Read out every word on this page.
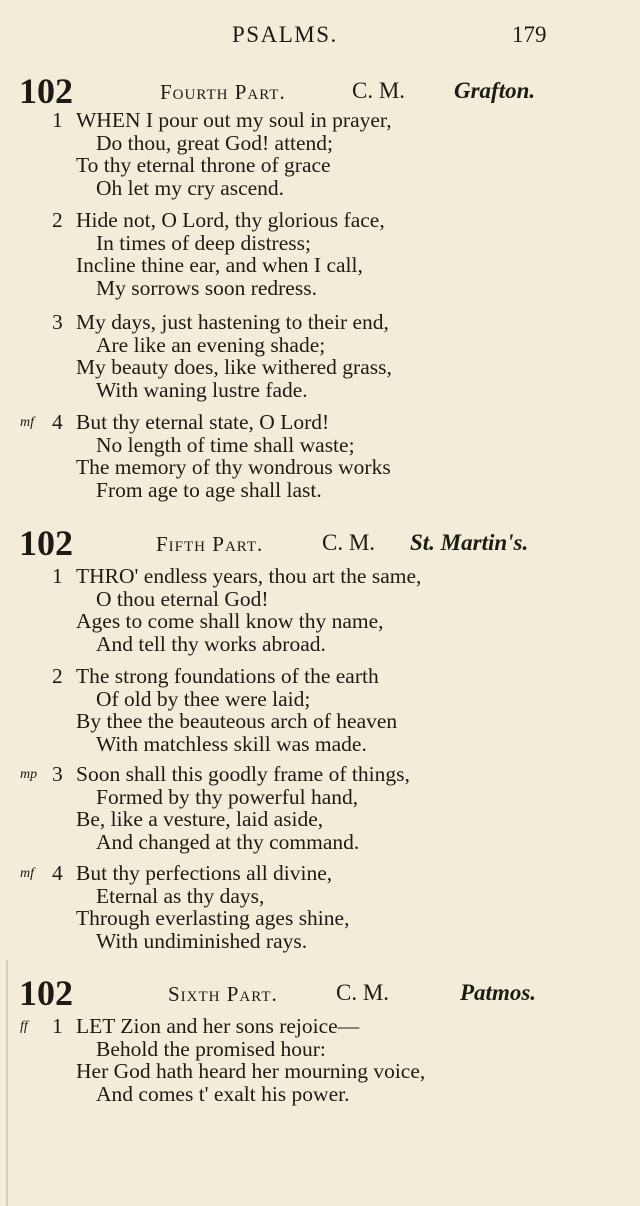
PSALMS.	179
102	Fourth Part.	C. M. Grafton.
1 WHEN I pour out my soul in prayer,
Do thou, great God! attend;
To thy eternal throne of grace
Oh let my cry ascend.
2 Hide not, O Lord, thy glorious face,
In times of deep distress;
Incline thine ear, and when I call,
My sorrows soon redress.
3 My days, just hastening to their end,
Are like an evening shade;
My beauty does, like withered grass,
With waning lustre fade.
mf 4 But thy eternal state, O Lord!
No length of time shall waste;
The memory of thy wondrous works
From age to age shall last.
102	Fifth Part.	C. M. St. Martin's.
1 THRO' endless years, thou art the same,
O thou eternal God!
Ages to come shall know thy name,
And tell thy works abroad.
2 The strong foundations of the earth
Of old by thee were laid;
By thee the beauteous arch of heaven
With matchless skill was made.
mp 3 Soon shall this goodly frame of things,
Formed by thy powerful hand,
Be, like a vesture, laid aside,
And changed at thy command.
mf 4 But thy perfections all divine,
Eternal as thy days,
Through everlasting ages shine,
With undiminished rays.
102	Sixth Part.	C. M.	Patmos.
ff 1 LET Zion and her sons rejoice—
Behold the promised hour:
Her God hath heard her mourning voice,
And comes t' exalt his power.
